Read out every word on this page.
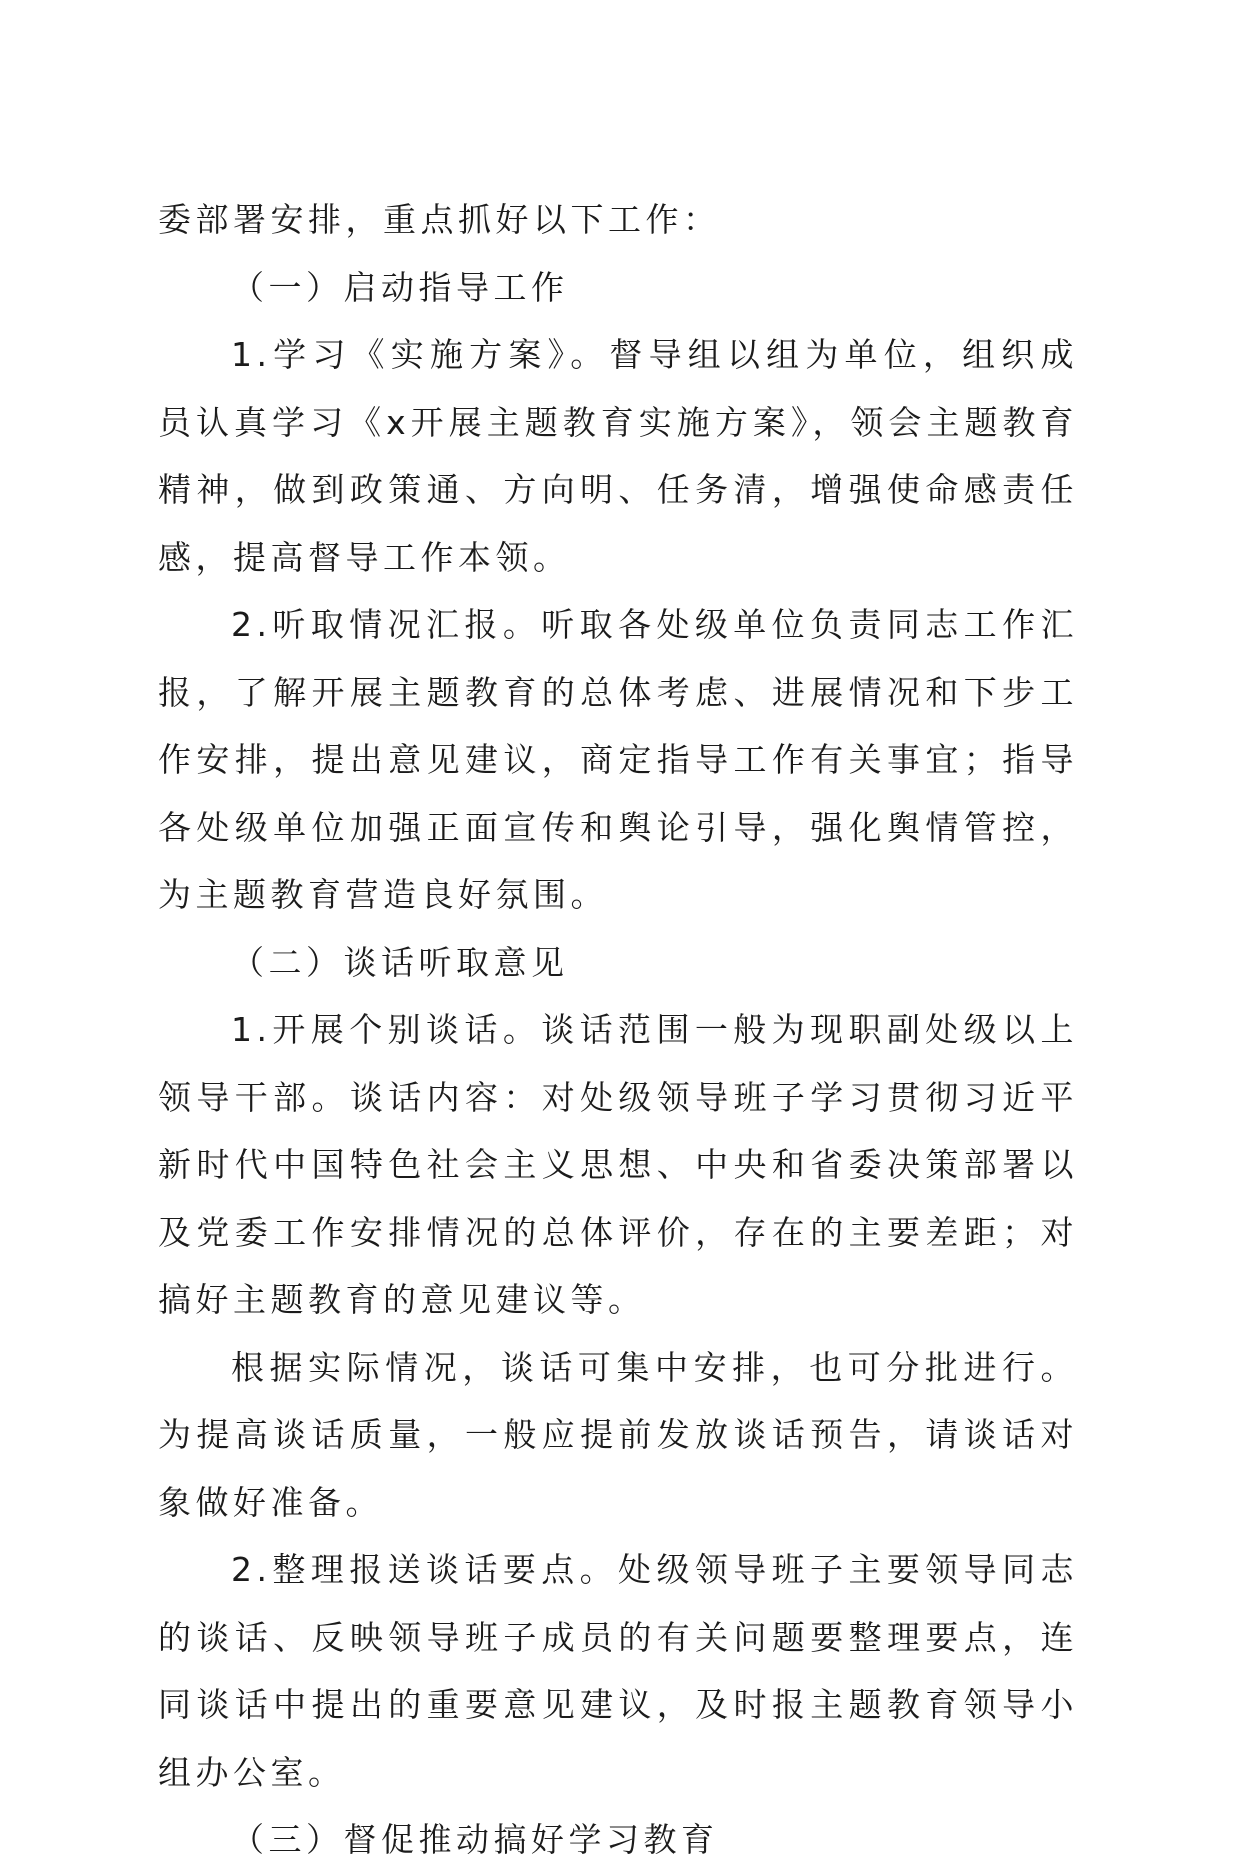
委部署安排，重点抓好以下工作：

（一）启动指导工作

1.学习《实施方案》。督导组以组为单位，组织成员认真学习《x开展主题教育实施方案》，领会主题教育精神，做到政策通、方向明、任务清，增强使命感责任感，提高督导工作本领。

2.听取情况汇报。听取各处级单位负责同志工作汇报，了解开展主题教育的总体考虑、进展情况和下步工作安排，提出意见建议，商定指导工作有关事宜；指导各处级单位加强正面宣传和舆论引导，强化舆情管控，为主题教育营造良好氛围。

（二）谈话听取意见

1.开展个别谈话。谈话范围一般为现职副处级以上领导干部。谈话内容：对处级领导班子学习贯彻习近平新时代中国特色社会主义思想、中央和省委决策部署以及党委工作安排情况的总体评价，存在的主要差距；对搞好主题教育的意见建议等。

根据实际情况，谈话可集中安排，也可分批进行。为提高谈话质量，一般应提前发放谈话预告，请谈话对象做好准备。

2.整理报送谈话要点。处级领导班子主要领导同志的谈话、反映领导班子成员的有关问题要整理要点，连同谈话中提出的重要意见建议，及时报主题教育领导小组办公室。

（三）督促推动搞好学习教育
